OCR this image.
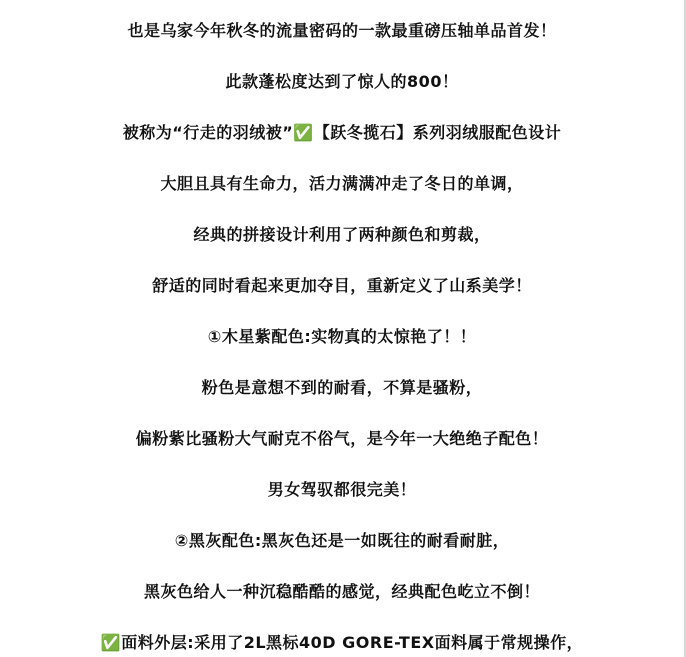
也是乌家今年秋冬的流量密码的一款最重磅压轴单品首发！
此款蓬松度达到了惊人的800！
被称为“行走的羽绒被”✅【跃冬揽石】系列羽绒服配色设计
大胆且具有生命力，活力满满冲走了冬日的单调，
经典的拼接设计利用了两种颜色和剪裁，
舒适的同时看起来更加夺目，重新定义了山系美学！
①木星紫配色:实物真的太惊艳了！！
粉色是意想不到的耐看，不算是骚粉，
偏粉紫比骚粉大气耐克不俗气，是今年一大绝绝子配色！
男女驾驭都很完美！
②黑灰配色:黑灰色还是一如既往的耐看耐脏，
黑灰色给人一种沉稳酷酷的感觉，经典配色屹立不倒！
✅面料外层:采用了2L黑标40D GORE-TEX面料属于常规操作，
